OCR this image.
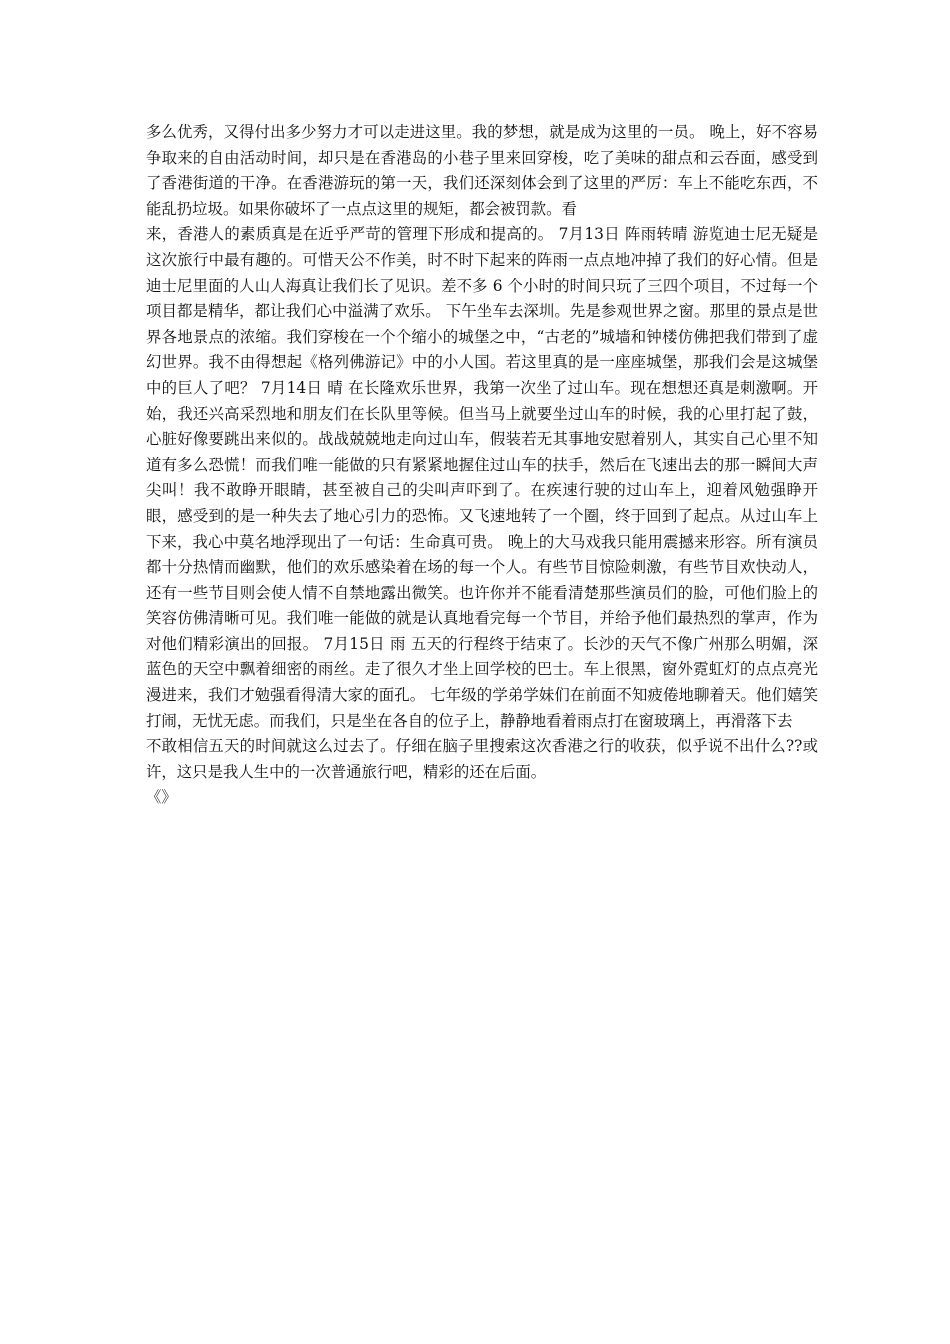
多么优秀，又得付出多少努力才可以走进这里。我的梦想，就是成为这里的一员。 晚上，好不容易争取来的自由活动时间，却只是在香港岛的小巷子里来回穿梭，吃了美味的甜点和云吞面，感受到了香港街道的干净。在香港游玩的第一天，我们还深刻体会到了这里的严厉：车上不能吃东西，不能乱扔垃圾。如果你破坏了一点点这里的规矩，都会被罚款。看

来，香港人的素质真是在近乎严苛的管理下形成和提高的。 7月13日 阵雨转晴 游览迪士尼无疑是这次旅行中最有趣的。可惜天公不作美，时不时下起来的阵雨一点点地冲掉了我们的好心情。但是迪士尼里面的人山人海真让我们长了见识。差不多 6 个小时的时间只玩了三四个项目，不过每一个项目都是精华，都让我们心中溢满了欢乐。 下午坐车去深圳。先是参观世界之窗。那里的景点是世界各地景点的浓缩。我们穿梭在一个个缩小的城堡之中，“古老的”城墙和钟楼仿佛把我们带到了虚幻世界。我不由得想起《格列佛游记》中的小人国。若这里真的是一座座城堡，那我们会是这城堡中的巨人了吧？ 7月14日 晴 在长隆欢乐世界，我第一次坐了过山车。现在想想还真是刺激啊。开始，我还兴高采烈地和朋友们在长队里等候。但当马上就要坐过山车的时候，我的心里打起了鼓，心脏好像要跳出来似的。战战兢兢地走向过山车，假装若无其事地安慰着别人，其实自己心里不知道有多么恐慌！而我们唯一能做的只有紧紧地握住过山车的扶手，然后在飞速出去的那一瞬间大声尖叫！我不敢睁开眼睛，甚至被自己的尖叫声吓到了。在疾速行驶的过山车上，迎着风勉强睁开眼，感受到的是一种失去了地心引力的恐怖。又飞速地转了一个圈，终于回到了起点。从过山车上下来，我心中莫名地浮现出了一句话：生命真可贵。 晚上的大马戏我只能用震撼来形容。所有演员都十分热情而幽默，他们的欢乐感染着在场的每一个人。有些节目惊险刺激，有些节目欢快动人，还有一些节目则会使人情不自禁地露出微笑。也许你并不能看清楚那些演员们的脸，可他们脸上的笑容仿佛清晰可见。我们唯一能做的就是认真地看完每一个节目，并给予他们最热烈的掌声，作为对他们精彩演出的回报。 7月15日 雨 五天的行程终于结束了。长沙的天气不像广州那么明媚，深蓝色的天空中飘着细密的雨丝。走了很久才坐上回学校的巴士。车上很黑，窗外霓虹灯的点点亮光漫进来，我们才勉强看得清大家的面孔。 七年级的学弟学妹们在前面不知疲倦地聊着天。他们嬉笑打闹，无忧无虑。而我们，只是坐在各自的位子上，静静地看着雨点打在窗玻璃上，再滑落下去

不敢相信五天的时间就这么过去了。仔细在脑子里搜索这次香港之行的收获，似乎说不出什么??或许，这只是我人生中的一次普通旅行吧，精彩的还在后面。

《》
